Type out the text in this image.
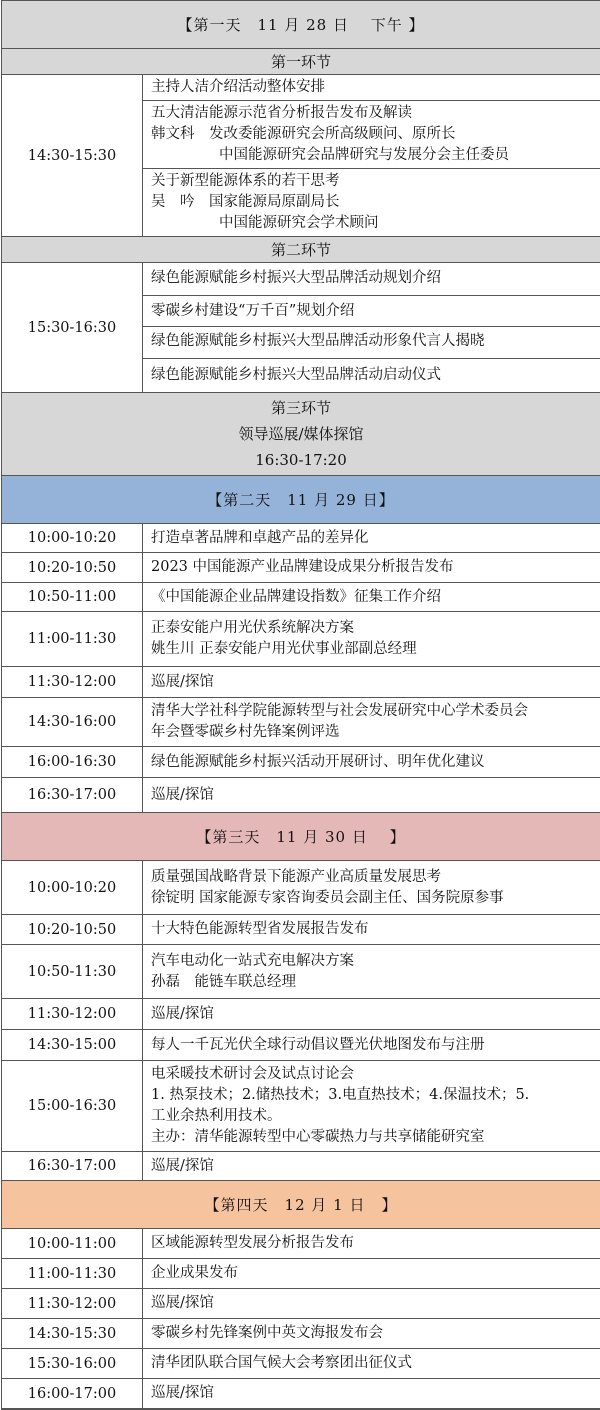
【第一天　11 月 28 日　 下午 】
第一环节
14:30-15:30
主持人洁介绍活动整体安排
五大清洁能源示范省分析报告发布及解读
韩文科　发改委能源研究会所高级顾问、原所长
中国能源研究会品牌研究与发展分会主任委员
关于新型能源体系的若干思考
吴　吟　国家能源局原副局长
中国能源研究会学术顾问
第二环节
15:30-16:30
绿色能源赋能乡村振兴大型品牌活动规划介绍
零碳乡村建设“万千百”规划介绍
绿色能源赋能乡村振兴大型品牌活动形象代言人揭晓
绿色能源赋能乡村振兴大型品牌活动启动仪式
第三环节
领导巡展/媒体探馆
16:30-17:20
【第二天　11 月 29 日】
10:00-10:20	打造卓著品牌和卓越产品的差异化
10:20-10:50	2023 中国能源产业品牌建设成果分析报告发布
10:50-11:00	《中国能源企业品牌建设指数》征集工作介绍
11:00-11:30
正泰安能户用光伏系统解决方案
姚生川 正泰安能户用光伏事业部副总经理
11:30-12:00	巡展/探馆
14:30-16:00
清华大学社科学院能源转型与社会发展研究中心学术委员会
年会暨零碳乡村先锋案例评选
16:00-16:30	绿色能源赋能乡村振兴活动开展研讨、明年优化建议
16:30-17:00	巡展/探馆
【第三天　11 月 30 日　 】
10:00-10:20
质量强国战略背景下能源产业高质量发展思考
徐锭明 国家能源专家咨询委员会副主任、国务院原参事
10:20-10:50	十大特色能源转型省发展报告发布
10:50-11:30
汽车电动化一站式充电解决方案
孙磊　能链车联总经理
11:30-12:00	巡展/探馆
14:30-15:00	每人一千瓦光伏全球行动倡议暨光伏地图发布与注册
15:00-16:30
电采暖技术研讨会及试点讨论会
1. 热泵技术；2.储热技术；3.电直热技术；4.保温技术；5.
工业余热利用技术。
主办：清华能源转型中心零碳热力与共享储能研究室
16:30-17:00	巡展/探馆
【第四天　12 月 1 日　】
10:00-11:00	区域能源转型发展分析报告发布
11:00-11:30	企业成果发布
11:30-12:00	巡展/探馆
14:30-15:30	零碳乡村先锋案例中英文海报发布会
15:30-16:00	清华团队联合国气候大会考察团出征仪式
16:00-17:00	巡展/探馆
